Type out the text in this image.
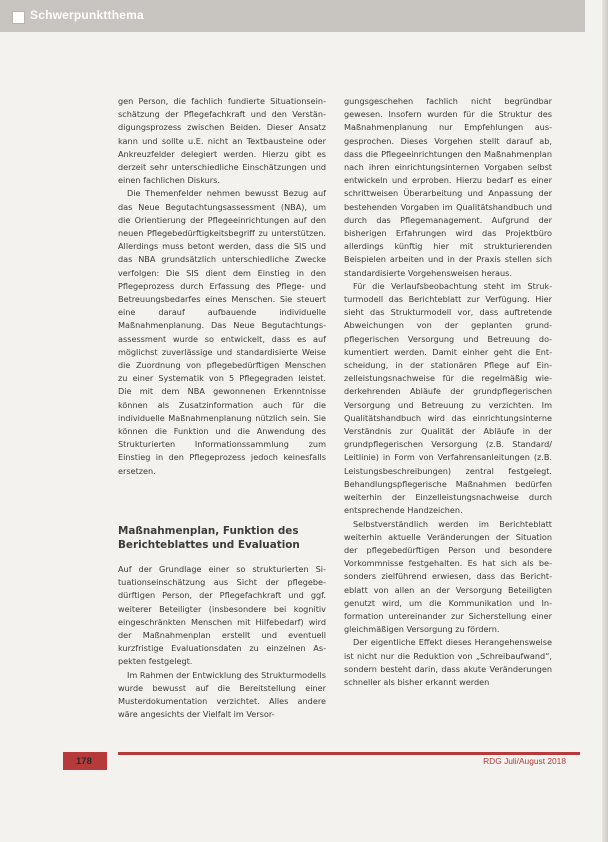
Schwerpunktthema

gen Person, die fachlich fundierte Situationseinschätzung der Pflegefachkraft und den Verständigungsprozess zwischen Beiden. Dieser Ansatz kann und sollte u.E. nicht an Textbausteine oder Ankreuzfelder delegiert werden. Hierzu gibt es derzeit sehr unterschiedliche Einschätzungen und einen fachlichen Diskurs.

Die Themenfelder nehmen bewusst Bezug auf das Neue Begutachtungsassessment (NBA), um die Orientierung der Pflegeeinrichtungen auf den neuen Pflegebedürftigkeitsbegriff zu unterstützen. Allerdings muss betont werden, dass die SIS und das NBA grundsätzlich unterschiedliche Zwecke verfolgen: Die SIS dient dem Einstieg in den Pflegeprozess durch Erfassung des Pflege- und Betreuungsbedarfes eines Menschen. Sie steuert eine darauf aufbauende individuelle Maßnahmenplanung. Das Neue Begutachtungsassessment wurde so entwickelt, dass es auf möglichst zuverlässige und standardisierte Weise die Zuordnung von pflegebedürftigen Menschen zu einer Systematik von 5 Pflegegraden leistet. Die mit dem NBA gewonnenen Erkenntnisse können als Zusatzinformation auch für die individuelle Maßnahmenplanung nützlich sein. Sie können die Funktion und die Anwendung des Strukturierten Informationssammlung zum Einstieg in den Pflegeprozess jedoch keinesfalls ersetzen.

Maßnahmenplan, Funktion des Berichteblattes und Evaluation

Auf der Grundlage einer so strukturierten Situationseinschätzung aus Sicht der pflegebedürftigen Person, der Pflegefachkraft und ggf. weiterer Beteiligter (insbesondere bei kognitiv eingeschränkten Menschen mit Hilfebedarf) wird der Maßnahmenplan erstellt und eventuell kurzfristige Evaluationsdaten zu einzelnen Aspekten festgelegt.

Im Rahmen der Entwicklung des Strukturmodells wurde bewusst auf die Bereitstellung einer Musterdokumentation verzichtet. Alles andere wäre angesichts der Vielfalt im Versor-

gungsgeschehen fachlich nicht begründbar gewesen. Insofern wurden für die Struktur des Maßnahmenplanung nur Empfehlungen ausgesprochen. Dieses Vorgehen stellt darauf ab, dass die Pflegeeinrichtungen den Maßnahmenplan nach ihren einrichtungsinternen Vorgaben selbst entwickeln und erproben. Hierzu bedarf es einer schrittweisen Überarbeitung und Anpassung der bestehenden Vorgaben im Qualitätshandbuch und durch das Pflegemanagement. Aufgrund der bisherigen Erfahrungen wird das Projektbüro allerdings künftig hier mit strukturierenden Beispielen arbeiten und in der Praxis stellen sich standardisierte Vorgehensweisen heraus.

Für die Verlaufsbeobachtung steht im Strukturmodell das Berichteblatt zur Verfügung. Hier sieht das Strukturmodell vor, dass auftretende Abweichungen von der geplanten grundpflegerischen Versorgung und Betreuung dokumentiert werden. Damit einher geht die Entscheidung, in der stationären Pflege auf Einzelleistungsnachweise für die regelmäßig wiederkehrenden Abläufe der grundpflegerischen Versorgung und Betreuung zu verzichten. Im Qualitätshandbuch wird das einrichtungsinterne Verständnis zur Qualität der Abläufe in der grundpflegerischen Versorgung (z.B. Standard/ Leitlinie) in Form von Verfahrensanleitungen (z.B. Leistungsbeschreibungen) zentral festgelegt. Behandlungspflegerische Maßnahmen bedürfen weiterhin der Einzelleistungsnachweise durch entsprechende Handzeichen.

Selbstverständlich werden im Berichteblatt weiterhin aktuelle Veränderungen der Situation der pflegebedürftigen Person und besondere Vorkommnisse festgehalten. Es hat sich als besonders zielführend erwiesen, dass das Berichteblatt von allen an der Versorgung Beteiligten genutzt wird, um die Kommunikation und Information untereinander zur Sicherstellung einer gleichmäßigen Versorgung zu fördern.

Der eigentliche Effekt dieses Herangehensweise ist nicht nur die Reduktion von „Schreibaufwand“, sondern besteht darin, dass akute Veränderungen schneller als bisher erkannt werden

178	RDG Juli/August 2018
